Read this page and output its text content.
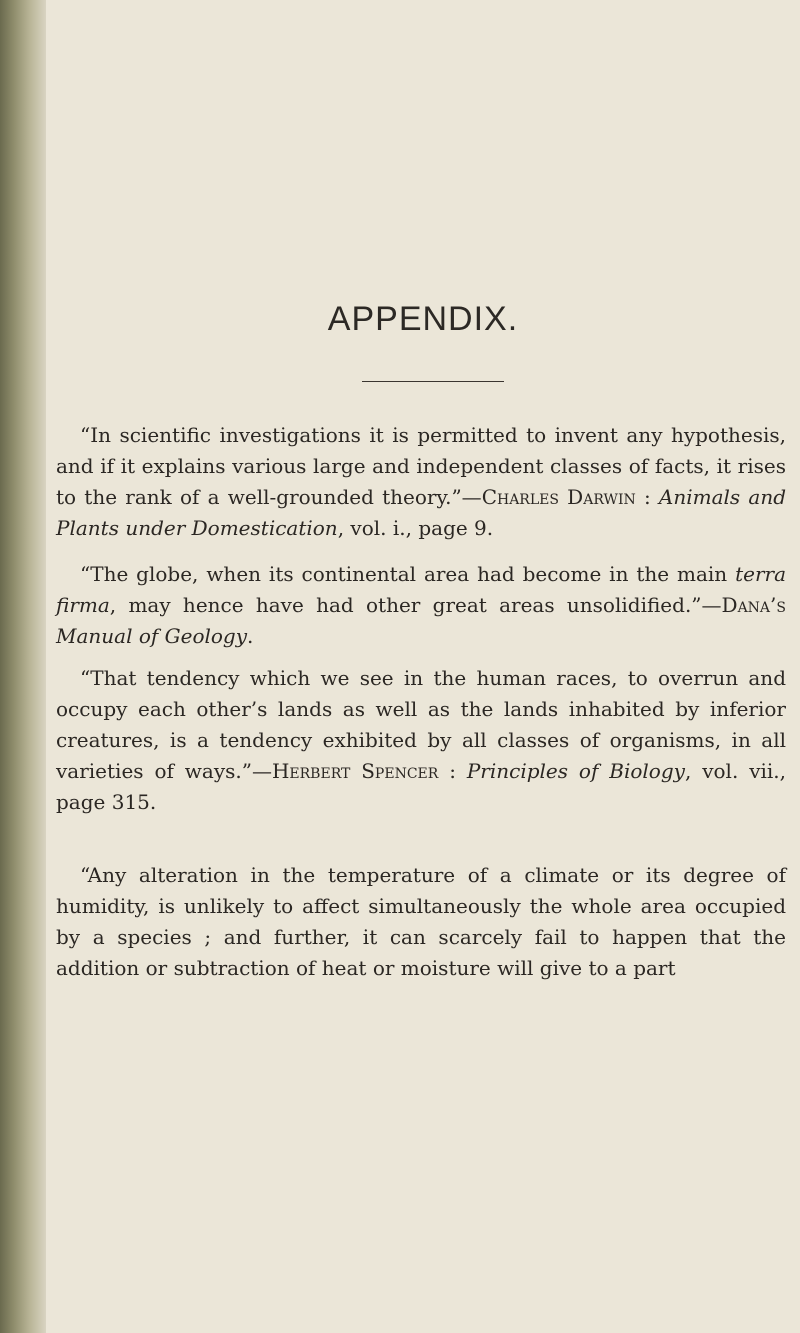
APPENDIX.
“In scientific investigations it is permitted to invent any hypothesis, and if it explains various large and independent classes of facts, it rises to the rank of a well-grounded theory.”—Charles Darwin : Animals and Plants under Domestication, vol. i., page 9.
“The globe, when its continental area had become in the main terra firma, may hence have had other great areas unsolidified.”—Dana’s Manual of Geology.
“That tendency which we see in the human races, to overrun and occupy each other’s lands as well as the lands inhabited by inferior creatures, is a tendency exhibited by all classes of organisms, in all varieties of ways.”—Herbert Spencer : Principles of Biology, vol. vii., page 315.
“Any alteration in the temperature of a climate or its degree of humidity, is unlikely to affect simultaneously the whole area occupied by a species ; and further, it can scarcely fail to happen that the addition or subtraction of heat or moisture will give to a part
